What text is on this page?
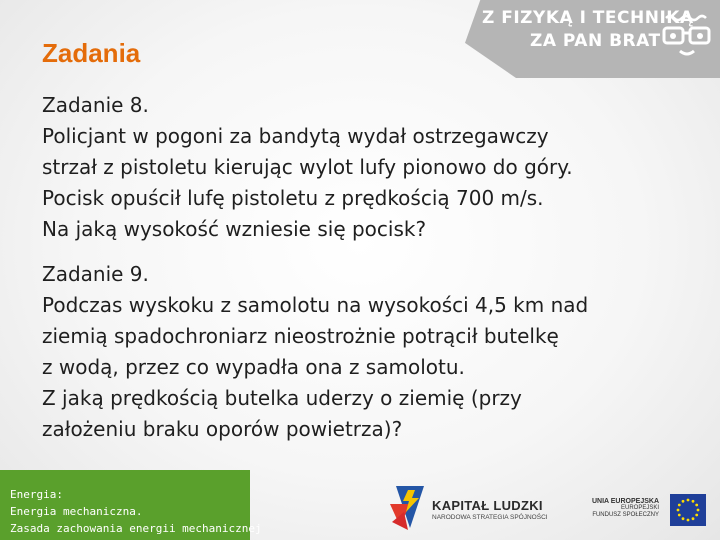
Z FIZYKĄ I TECHNIKĄ
ZA PAN BRAT
Zadania

Zadanie 8.

Policjant w pogoni za bandytą wydał ostrzegawczy

strzał z pistoletu kierując wylot lufy pionowo do góry.

Pocisk opuścił lufę pistoletu z prędkością 700 m/s.

Na jaką wysokość wzniesie się pocisk?

Zadanie 9.

Podczas wyskoku z samolotu na wysokości 4,5 km nad

ziemią spadochroniarz nieostrożnie potrącił butelkę

z wodą, przez co wypadła ona z samolotu.

Z jaką prędkością butelka uderzy o ziemię (przy

założeniu braku oporów powietrza)?

Energia:
Energia mechaniczna.
Zasada zachowania energii mechanicznej
KAPITAŁ LUDZKI
NARODOWA STRATEGIA SPÓJNOŚCI
UNIA EUROPEJSKA
EUROPEJSKI
FUNDUSZ SPOŁECZNY
